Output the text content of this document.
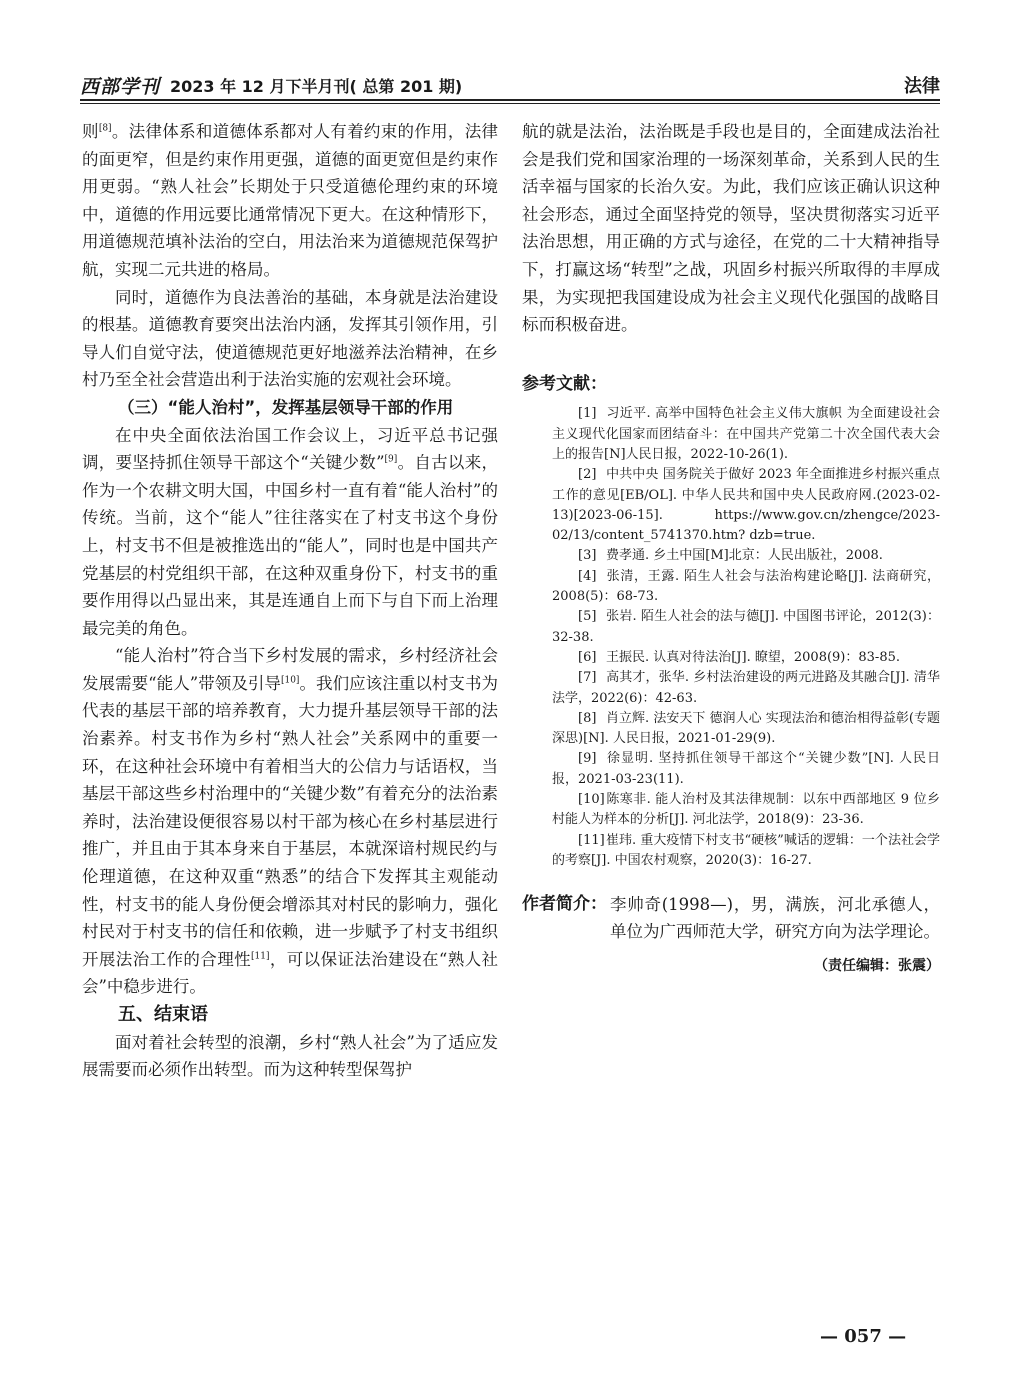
西部学刊 2023 年 12 月下半月刊( 总第 201 期)	法律

则[8]。法律体系和道德体系都对人有着约束的作用，法律的面更窄，但是约束作用更强，道德的面更宽但是约束作用更弱。“熟人社会”长期处于只受道德伦理约束的环境中，道德的作用远要比通常情况下更大。在这种情形下，用道德规范填补法治的空白，用法治来为道德规范保驾护航，实现二元共进的格局。

同时，道德作为良法善治的基础，本身就是法治建设的根基。道德教育要突出法治内涵，发挥其引领作用，引导人们自觉守法，使道德规范更好地滋养法治精神，在乡村乃至全社会营造出利于法治实施的宏观社会环境。

（三）“能人治村”，发挥基层领导干部的作用

在中央全面依法治国工作会议上，习近平总书记强调，要坚持抓住领导干部这个“关键少数”[9]。自古以来，作为一个农耕文明大国，中国乡村一直有着“能人治村”的传统。当前，这个“能人”往往落实在了村支书这个身份上，村支书不但是被推选出的“能人”，同时也是中国共产党基层的村党组织干部，在这种双重身份下，村支书的重要作用得以凸显出来，其是连通自上而下与自下而上治理最完美的角色。

“能人治村”符合当下乡村发展的需求，乡村经济社会发展需要“能人”带领及引导[10]。我们应该注重以村支书为代表的基层干部的培养教育，大力提升基层领导干部的法治素养。村支书作为乡村“熟人社会”关系网中的重要一环，在这种社会环境中有着相当大的公信力与话语权，当基层干部这些乡村治理中的“关键少数”有着充分的法治素养时，法治建设便很容易以村干部为核心在乡村基层进行推广，并且由于其本身来自于基层，本就深谙村规民约与伦理道德，在这种双重“熟悉”的结合下发挥其主观能动性，村支书的能人身份便会增添其对村民的影响力，强化村民对于村支书的信任和依赖，进一步赋予了村支书组织开展法治工作的合理性[11]，可以保证法治建设在“熟人社会”中稳步进行。

五、结束语

面对着社会转型的浪潮，乡村“熟人社会”为了适应发展需要而必须作出转型。而为这种转型保驾护

航的就是法治，法治既是手段也是目的，全面建成法治社会是我们党和国家治理的一场深刻革命，关系到人民的生活幸福与国家的长治久安。为此，我们应该正确认识这种社会形态，通过全面坚持党的领导，坚决贯彻落实习近平法治思想，用正确的方式与途径，在党的二十大精神指导下，打赢这场“转型”之战，巩固乡村振兴所取得的丰厚成果，为实现把我国建设成为社会主义现代化强国的战略目标而积极奋进。

参考文献：

[1] 习近平. 高举中国特色社会主义伟大旗帜 为全面建设社会主义现代化国家而团结奋斗：在中国共产党第二十次全国代表大会上的报告[N]人民日报，2022-10-26(1).

[2] 中共中央 国务院关于做好 2023 年全面推进乡村振兴重点工作的意见[EB/OL]. 中华人民共和国中央人民政府网.(2023-02-13)[2023-06-15]. https://www.gov.cn/zhengce/2023-02/13/content_5741370.htm? dzb=true.

[3] 费孝通. 乡土中国[M]北京：人民出版社，2008.

[4] 张清，王露. 陌生人社会与法治构建论略[J]. 法商研究，2008(5)：68-73.

[5] 张岩. 陌生人社会的法与德[J]. 中国图书评论，2012(3)：32-38.

[6] 王振民. 认真对待法治[J]. 瞭望，2008(9)：83-85.

[7] 高其才，张华. 乡村法治建设的两元进路及其融合[J]. 清华法学，2022(6)：42-63.

[8] 肖立辉. 法安天下 德润人心 实现法治和德治相得益彰(专题深思)[N]. 人民日报，2021-01-29(9).

[9] 徐显明. 坚持抓住领导干部这个“关键少数”[N]. 人民日报，2021-03-23(11).

[10]陈寒非. 能人治村及其法律规制：以东中西部地区 9 位乡村能人为样本的分析[J]. 河北法学，2018(9)：23-36.

[11]崔玮. 重大疫情下村支书“硬核”喊话的逻辑：一个法社会学的考察[J]. 中国农村观察，2020(3)：16-27.

作者简介： 李帅奇(1998—)，男，满族，河北承德人，单位为广西师范大学，研究方向为法学理论。
（责任编辑：张震）
— 057 —
